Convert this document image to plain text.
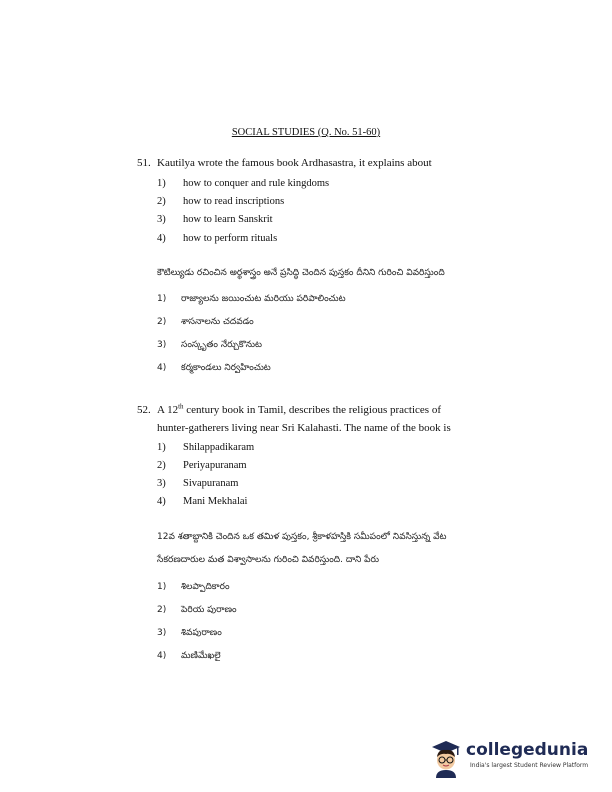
SOCIAL STUDIES (Q. No. 51-60)
51. Kautilya wrote the famous book Ardhasastra, it explains about
1) how to conquer and rule kingdoms
2) how to read inscriptions
3) how to learn Sanskrit
4) how to perform rituals
కౌటిల్యుడు రచించిన అర్థశాస్త్రం అనే ప్రసిద్ధి చెందిన పుస్తకం దీనిని గురించి వివరిస్తుంది
1) రాజ్యాలను జయించుట మరియు పరిపాలించుట
2) శాసనాలను చదవడం
3) సంస్కృతం నేర్చుకొనుట
4) కర్మకాండలు నిర్వహించుట
52. A 12th century book in Tamil, describes the religious practices of
hunter-gatherers living near Sri Kalahasti. The name of the book is
1) Shilappadikaram
2) Periyapuranam
3) Sivapuranam
4) Mani Mekhalai
12వ శతాబ్దానికి చెందిన ఒక తమిళ పుస్తకం, శ్రీకాళహస్తికి సమీపంలో నివసిస్తున్న వేట
సేకరణదారుల మత విశ్వాసాలను గురించి వివరిస్తుంది. దాని పేరు
1) శిలప్పాదికారం
2) పెరియ పురాణం
3) శివపురాణం
4) మణిమేఖలై
collegedunia
India's largest Student Review Platform
